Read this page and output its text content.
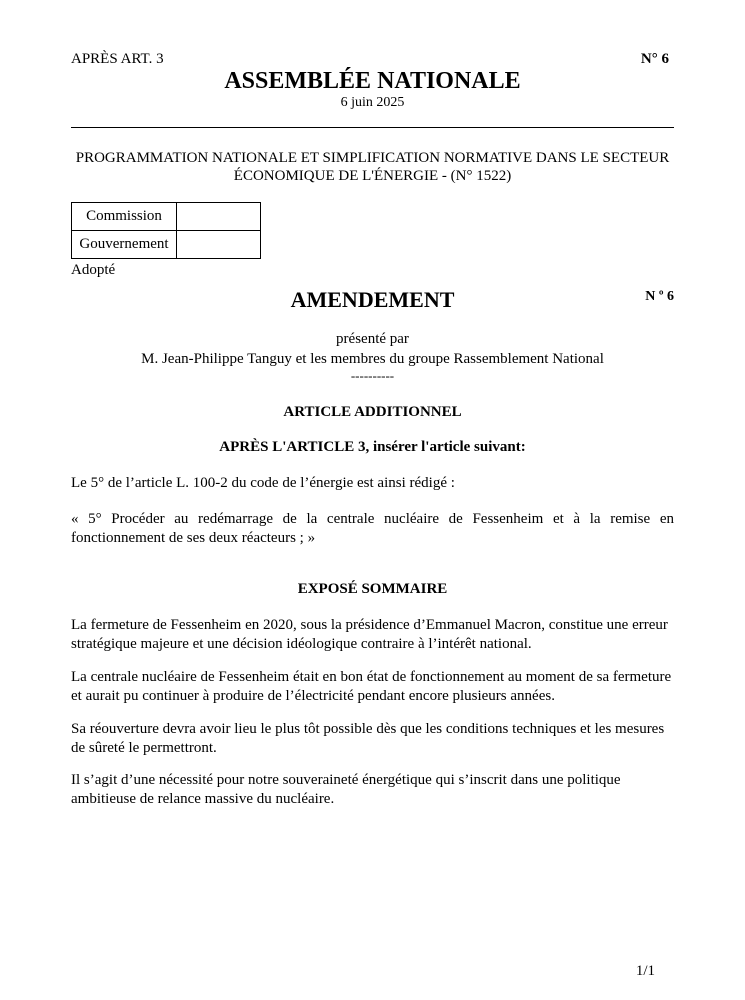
APRÈS ART. 3	N° 6
ASSEMBLÉE NATIONALE
6 juin 2025
PROGRAMMATION NATIONALE ET SIMPLIFICATION NORMATIVE DANS LE SECTEUR
ÉCONOMIQUE DE L'ÉNERGIE - (N° 1522)
Commission	
Gouvernement	
Adopté
AMENDEMENT	N º 6
présenté par
M. Jean-Philippe Tanguy et les membres du groupe Rassemblement National
----------
ARTICLE ADDITIONNEL
APRÈS L'ARTICLE 3, insérer l'article suivant:
Le 5° de l’article L. 100-2 du code de l’énergie est ainsi rédigé :
« 5° Procéder au redémarrage de la centrale nucléaire de Fessenheim et à la remise en fonctionnement de ses deux réacteurs ; »
EXPOSÉ SOMMAIRE
La fermeture de Fessenheim en 2020, sous la présidence d’Emmanuel Macron, constitue une erreur stratégique majeure et une décision idéologique contraire à l’intérêt national.
La centrale nucléaire de Fessenheim était en bon état de fonctionnement au moment de sa fermeture et aurait pu continuer à produire de l’électricité pendant encore plusieurs années.
Sa réouverture devra avoir lieu le plus tôt possible dès que les conditions techniques et les mesures de sûreté le permettront.
Il s’agit d’une nécessité pour notre souveraineté énergétique qui s’inscrit dans une politique ambitieuse de relance massive du nucléaire.
1/1
